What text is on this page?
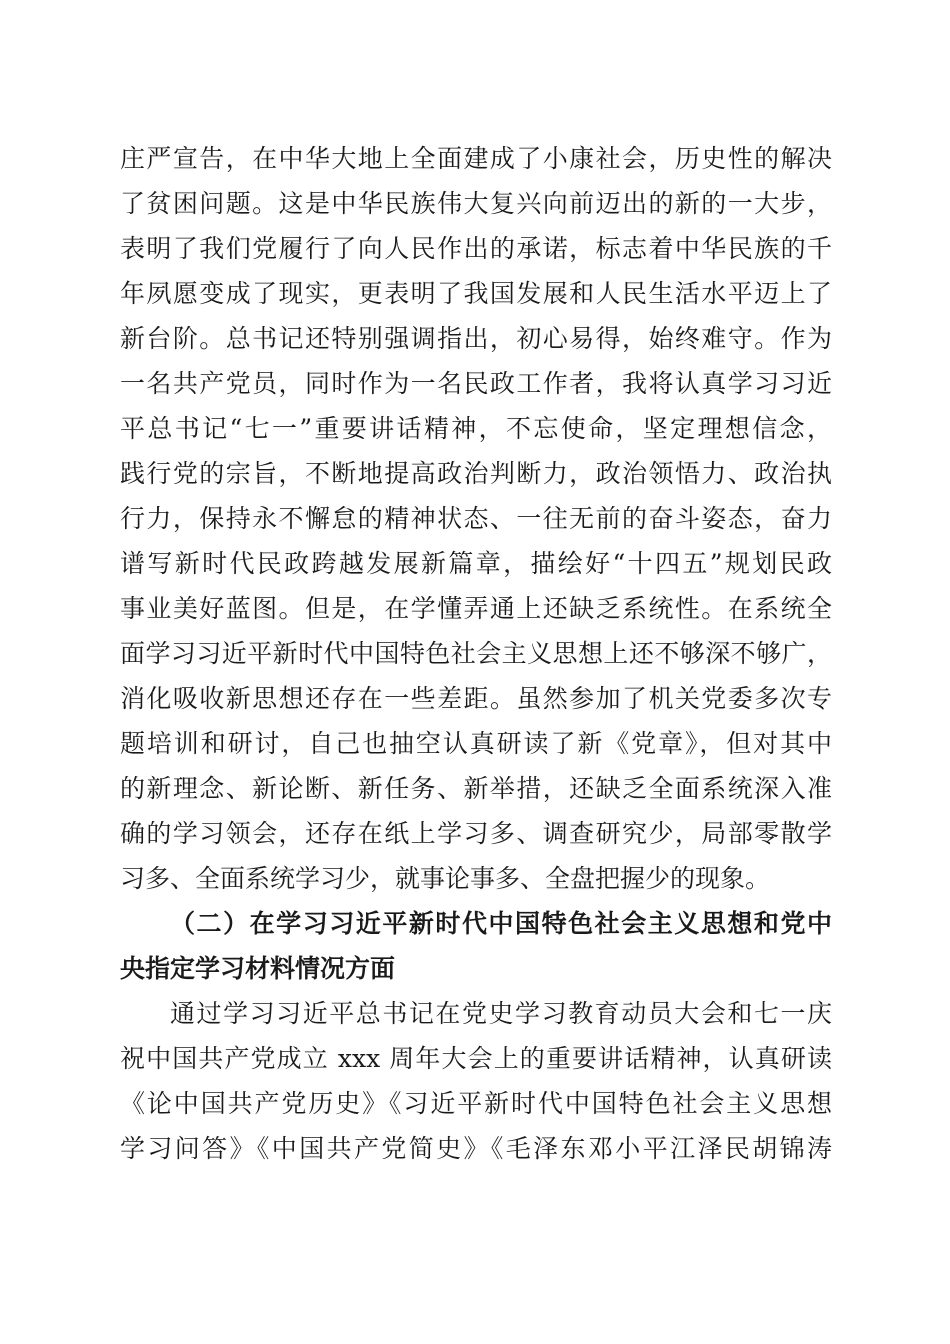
庄严宣告，在中华大地上全面建成了小康社会，历史性的解决
了贫困问题。这是中华民族伟大复兴向前迈出的新的一大步，
表明了我们党履行了向人民作出的承诺，标志着中华民族的千
年夙愿变成了现实，更表明了我国发展和人民生活水平迈上了
新台阶。总书记还特别强调指出，初心易得，始终难守。作为
一名共产党员，同时作为一名民政工作者，我将认真学习习近
平总书记“七一”重要讲话精神，不忘使命，坚定理想信念，
践行党的宗旨，不断地提高政治判断力，政治领悟力、政治执
行力，保持永不懈怠的精神状态、一往无前的奋斗姿态，奋力
谱写新时代民政跨越发展新篇章，描绘好“十四五”规划民政
事业美好蓝图。但是，在学懂弄通上还缺乏系统性。在系统全
面学习习近平新时代中国特色社会主义思想上还不够深不够广，
消化吸收新思想还存在一些差距。虽然参加了机关党委多次专
题培训和研讨，自己也抽空认真研读了新《党章》，但对其中
的新理念、新论断、新任务、新举措，还缺乏全面系统深入准
确的学习领会，还存在纸上学习多、调查研究少，局部零散学
习多、全面系统学习少，就事论事多、全盘把握少的现象。
（二）在学习习近平新时代中国特色社会主义思想和党中
央指定学习材料情况方面
通过学习习近平总书记在党史学习教育动员大会和七一庆
祝中国共产党成立 xxx 周年大会上的重要讲话精神，认真研读
《论中国共产党历史》《习近平新时代中国特色社会主义思想
学习问答》《中国共产党简史》《毛泽东邓小平江泽民胡锦涛
